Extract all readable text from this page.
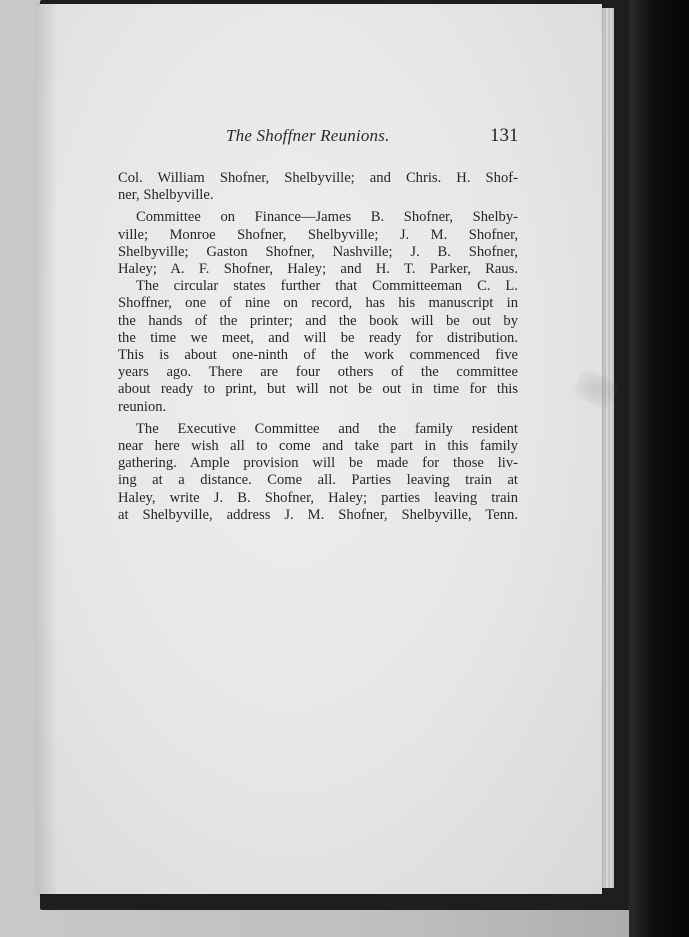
The Shoffner Reunions.	131
Col. William Shofner, Shelbyville; and Chris. H. Shof-
ner, Shelbyville.
Committee on Finance—James B. Shofner, Shelby-
ville; Monroe Shofner, Shelbyville; J. M. Shofner,
Shelbyville; Gaston Shofner, Nashville; J. B. Shofner,
Haley; A. F. Shofner, Haley; and H. T. Parker, Raus.
The circular states further that Committeeman C. L.
Shoffner, one of nine on record, has his manuscript in
the hands of the printer; and the book will be out by
the time we meet, and will be ready for distribution.
This is about one-ninth of the work commenced five
years ago. There are four others of the committee
about ready to print, but will not be out in time for this
reunion.
The Executive Committee and the family resident
near here wish all to come and take part in this family
gathering. Ample provision will be made for those liv-
ing at a distance. Come all. Parties leaving train at
Haley, write J. B. Shofner, Haley; parties leaving train
at Shelbyville, address J. M. Shofner, Shelbyville, Tenn.
